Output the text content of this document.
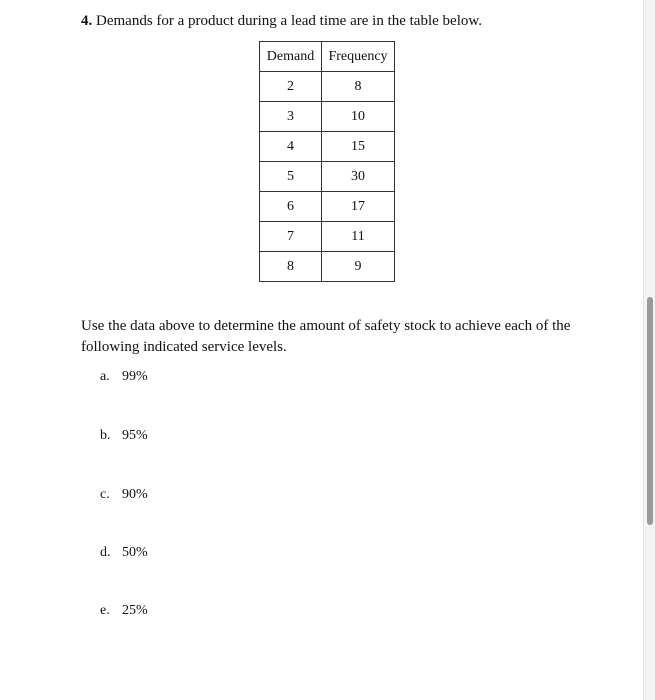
4. Demands for a product during a lead time are in the table below.
Demand	Frequency
2	8
3	10
4	15
5	30
6	17
7	11
8	9
Use the data above to determine the amount of safety stock to achieve each of the following indicated service levels.
a. 99%
b. 95%
c. 90%
d. 50%
e. 25%
